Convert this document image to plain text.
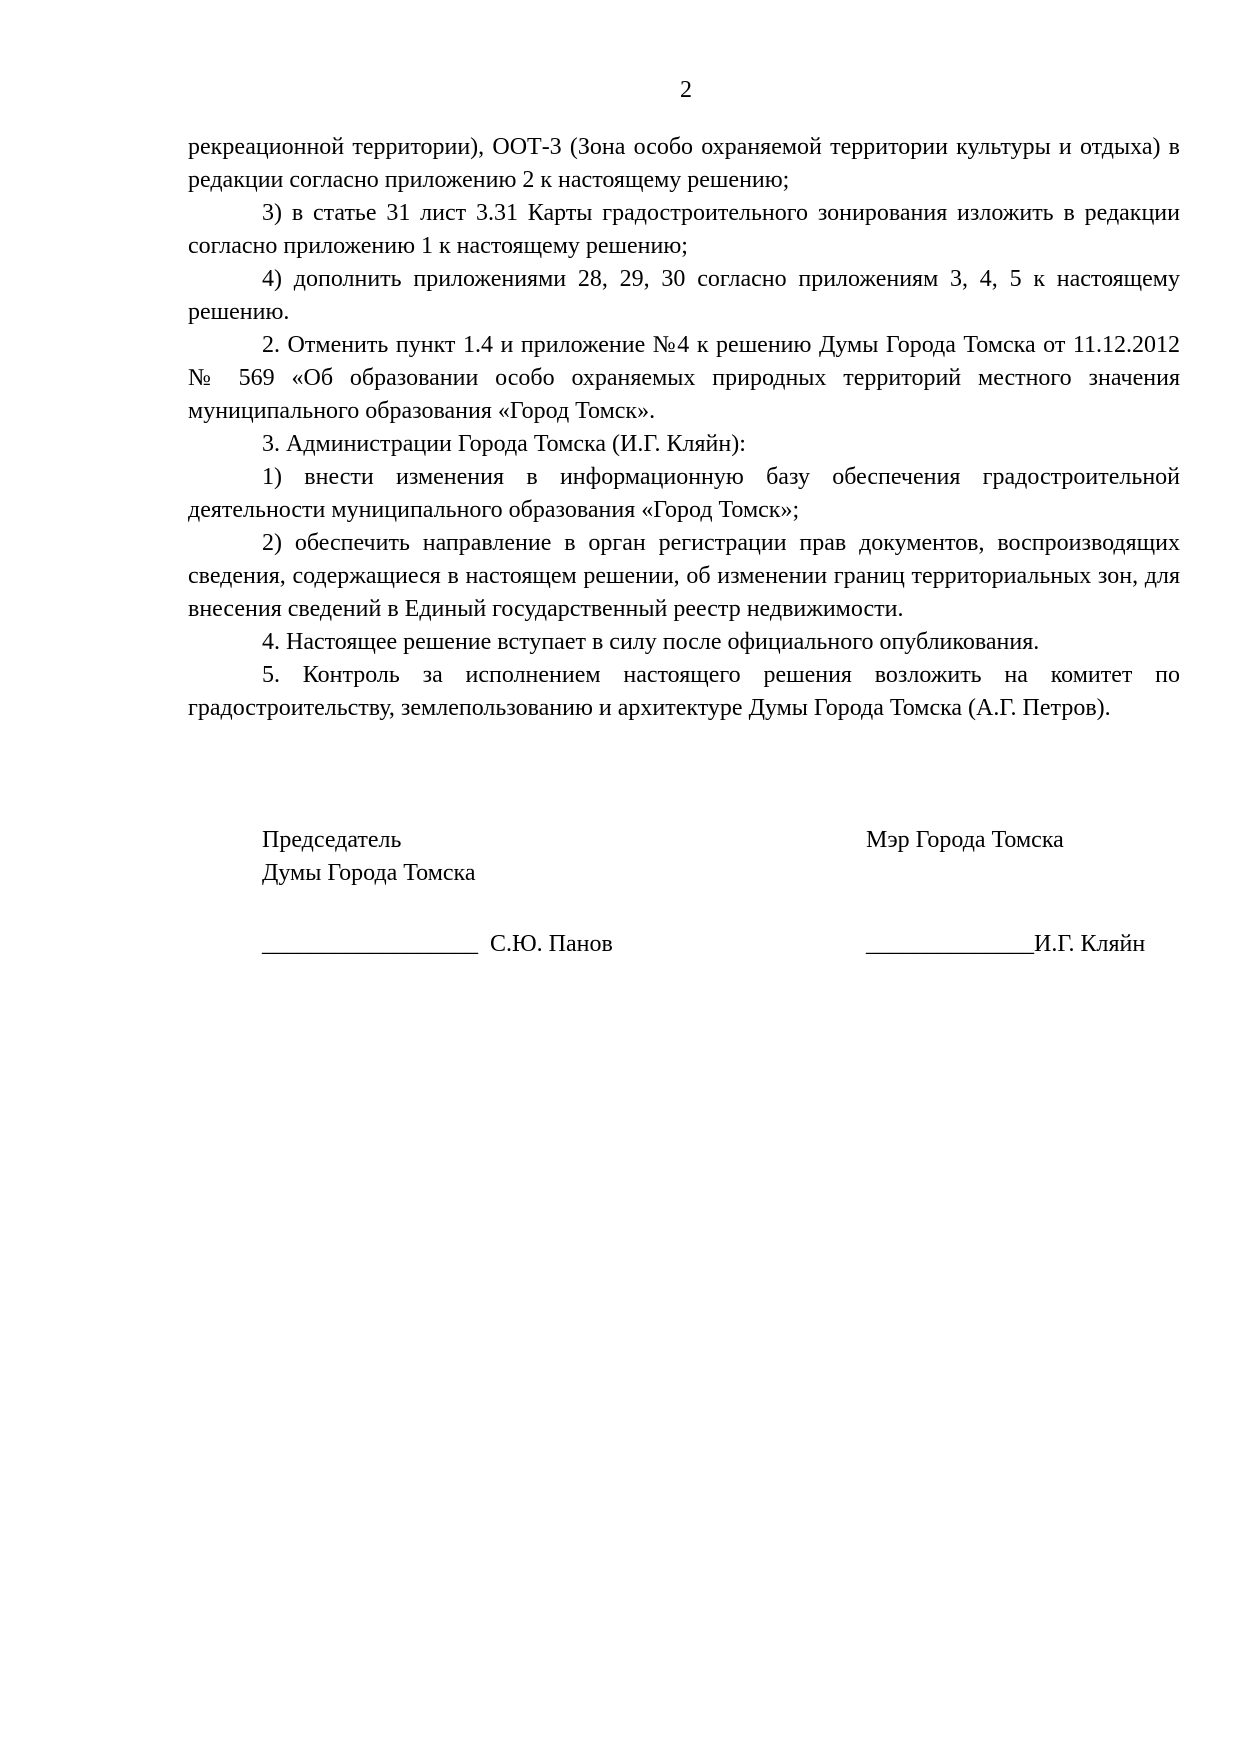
2

рекреационной территории), ООТ-3 (Зона особо охраняемой территории культуры и отдыха) в редакции согласно приложению 2 к настоящему решению;

3) в статье 31 лист 3.31 Карты градостроительного зонирования изложить в редакции согласно приложению 1 к настоящему решению;

4) дополнить приложениями 28, 29, 30 согласно приложениям 3, 4, 5 к настоящему решению.

2. Отменить пункт 1.4 и приложение №4 к решению Думы Города Томска от 11.12.2012 № 569 «Об образовании особо охраняемых природных территорий местного значения муниципального образования «Город Томск».

3. Администрации Города Томска (И.Г. Кляйн):

1) внести изменения в информационную базу обеспечения градостроительной деятельности муниципального образования «Город Томск»;

2) обеспечить направление в орган регистрации прав документов, воспроизводящих сведения, содержащиеся в настоящем решении, об изменении границ территориальных зон, для внесения сведений в Единый государственный реестр недвижимости.

4. Настоящее решение вступает в силу после официального опубликования.

5. Контроль за исполнением настоящего решения возложить на комитет по градостроительству, землепользованию и архитектуре Думы Города Томска (А.Г. Петров).

Председатель
Думы Города Томска
Мэр Города Томска
__________________ С.Ю. Панов	______________И.Г. Кляйн
